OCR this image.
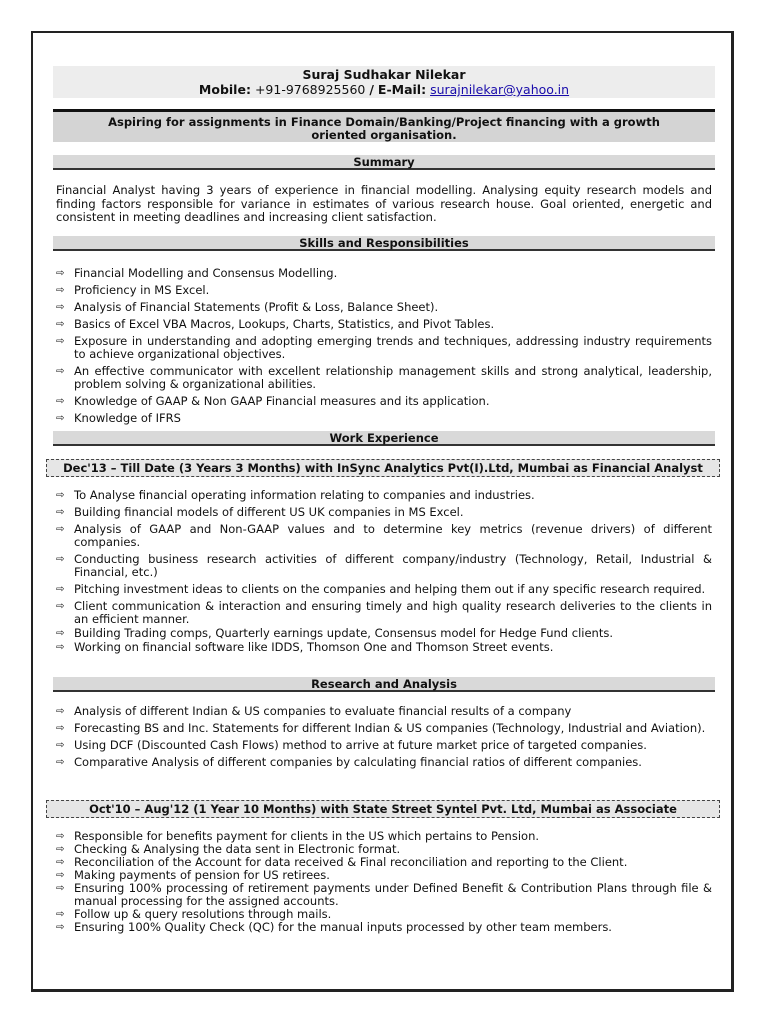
Suraj Sudhakar Nilekar
Mobile: +91-9768925560 / E-Mail: surajnilekar@yahoo.in
Aspiring for assignments in Finance Domain/Banking/Project financing with a growth oriented organisation.
Summary
Financial Analyst having 3 years of experience in financial modelling. Analysing equity research models and finding factors responsible for variance in estimates of various research house. Goal oriented, energetic and consistent in meeting deadlines and increasing client satisfaction.
Skills and Responsibilities
⇨ Financial Modelling and Consensus Modelling.
⇨ Proficiency in MS Excel.
⇨ Analysis of Financial Statements (Profit & Loss, Balance Sheet).
⇨ Basics of Excel VBA Macros, Lookups, Charts, Statistics, and Pivot Tables.
⇨ Exposure in understanding and adopting emerging trends and techniques, addressing industry requirements to achieve organizational objectives.
⇨ An effective communicator with excellent relationship management skills and strong analytical, leadership, problem solving & organizational abilities.
⇨ Knowledge of GAAP & Non GAAP Financial measures and its application.
⇨ Knowledge of IFRS
Work Experience
Dec'13 – Till Date (3 Years 3 Months) with InSync Analytics Pvt(I).Ltd, Mumbai as Financial Analyst
⇨ To Analyse financial operating information relating to companies and industries.
⇨ Building financial models of different US UK companies in MS Excel.
⇨ Analysis of GAAP and Non-GAAP values and to determine key metrics (revenue drivers) of different companies.
⇨ Conducting business research activities of different company/industry (Technology, Retail, Industrial & Financial, etc.)
⇨ Pitching investment ideas to clients on the companies and helping them out if any specific research required.
⇨ Client communication & interaction and ensuring timely and high quality research deliveries to the clients in an efficient manner.
⇨ Building Trading comps, Quarterly earnings update, Consensus model for Hedge Fund clients.
⇨ Working on financial software like IDDS, Thomson One and Thomson Street events.
Research and Analysis
⇨ Analysis of different Indian & US companies to evaluate financial results of a company
⇨ Forecasting BS and Inc. Statements for different Indian & US companies (Technology, Industrial and Aviation).
⇨ Using DCF (Discounted Cash Flows) method to arrive at future market price of targeted companies.
⇨ Comparative Analysis of different companies by calculating financial ratios of different companies.
Oct'10 – Aug'12 (1 Year 10 Months) with State Street Syntel Pvt. Ltd, Mumbai as Associate
⇨ Responsible for benefits payment for clients in the US which pertains to Pension.
⇨ Checking & Analysing the data sent in Electronic format.
⇨ Reconciliation of the Account for data received & Final reconciliation and reporting to the Client.
⇨ Making payments of pension for US retirees.
⇨ Ensuring 100% processing of retirement payments under Defined Benefit & Contribution Plans through file & manual processing for the assigned accounts.
⇨ Follow up & query resolutions through mails.
⇨ Ensuring 100% Quality Check (QC) for the manual inputs processed by other team members.
